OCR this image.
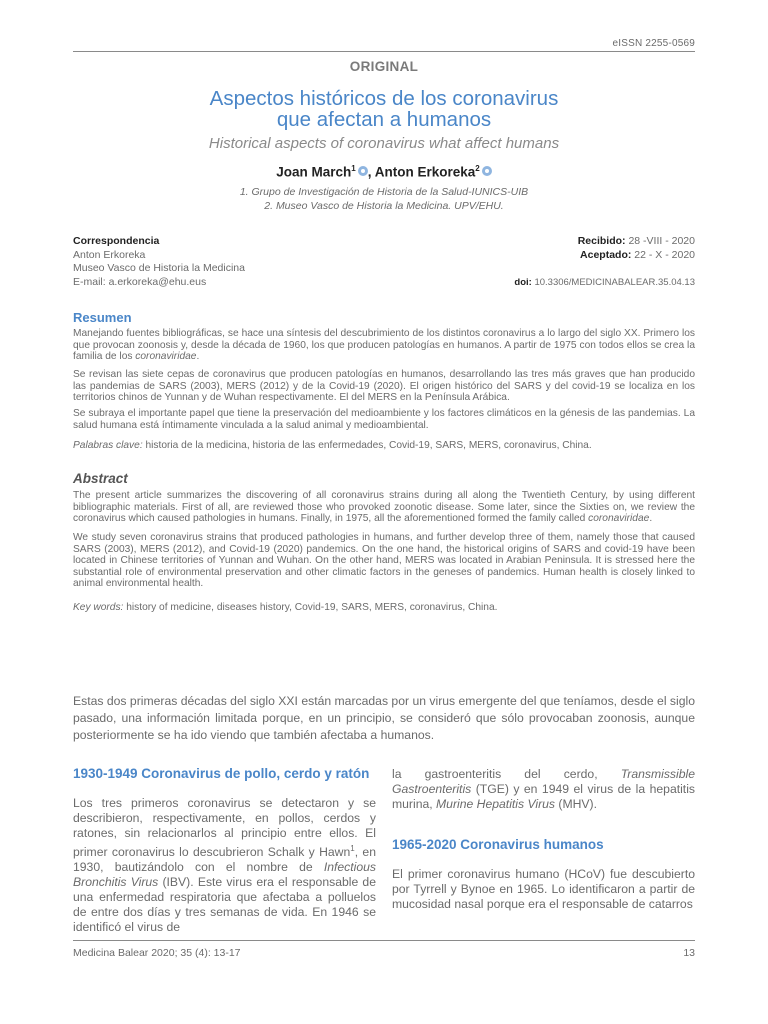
eISSN 2255-0569
ORIGINAL
Aspectos históricos de los coronavirus
que afectan a humanos
Historical aspects of coronavirus what affect humans
Joan March$^1$ , Anton Erkoreka$^2$
1. Grupo de Investigación de Historia de la Salud-IUNICS-UIB
2. Museo Vasco de Historia la Medicina. UPV/EHU.
Correspondencia
Anton Erkoreka
Museo Vasco de Historia la Medicina
E-mail: a.erkoreka@ehu.eus
Recibido: 28 -VIII - 2020
Aceptado: 22 - X - 2020
doi: 10.3306/MEDICINABALEAR.35.04.13
Resumen
Manejando fuentes bibliográficas, se hace una síntesis del descubrimiento de los distintos coronavirus a lo largo del siglo XX. Primero los que provocan zoonosis y, desde la década de 1960, los que producen patologías en humanos. A partir de 1975 con todos ellos se crea la familia de los coronaviridae.
Se revisan las siete cepas de coronavirus que producen patologías en humanos, desarrollando las tres más graves que han producido las pandemias de SARS (2003), MERS (2012) y de la Covid-19 (2020). El origen histórico del SARS y del covid-19 se localiza en los territorios chinos de Yunnan y de Wuhan respectivamente. El del MERS en la Península Arábica.
Se subraya el importante papel que tiene la preservación del medioambiente y los factores climáticos en la génesis de las pandemias. La salud humana está íntimamente vinculada a la salud animal y medioambiental.
Palabras clave: historia de la medicina, historia de las enfermedades, Covid-19, SARS, MERS, coronavirus, China.
Abstract
The present article summarizes the discovering of all coronavirus strains during all along the Twentieth Century, by using different bibliographic materials. First of all, are reviewed those who provoked zoonotic disease. Some later, since the Sixties on, we review the coronavirus which caused pathologies in humans. Finally, in 1975, all the aforementioned formed the family called coronaviridae.
We study seven coronavirus strains that produced pathologies in humans, and further develop three of them, namely those that caused SARS (2003), MERS (2012), and Covid-19 (2020) pandemics. On the one hand, the historical origins of SARS and covid-19 have been located in Chinese territories of Yunnan and Wuhan. On the other hand, MERS was located in Arabian Peninsula. It is stressed here the substantial role of environmental preservation and other climatic factors in the geneses of pandemics. Human health is closely linked to animal environmental health.
Key words: history of medicine, diseases history, Covid-19, SARS, MERS, coronavirus, China.
Estas dos primeras décadas del siglo XXI están marcadas por un virus emergente del que teníamos, desde el siglo pasado, una información limitada porque, en un principio, se consideró que sólo provocaban zoonosis, aunque posteriormente se ha ido viendo que también afectaba a humanos.
1930-1949 Coronavirus de pollo, cerdo y ratón
Los tres primeros coronavirus se detectaron y se describieron, respectivamente, en pollos, cerdos y ratones, sin relacionarlos al principio entre ellos. El primer coronavirus lo descubrieron Schalk y Hawn$^1$, en 1930, bautizándolo con el nombre de Infectious Bronchitis Virus (IBV). Este virus era el responsable de una enfermedad respiratoria que afectaba a polluelos de entre dos días y tres semanas de vida. En 1946 se identificó el virus de
la gastroenteritis del cerdo, Transmissible Gastroenteritis (TGE) y en 1949 el virus de la hepatitis murina, Murine Hepatitis Virus (MHV).
1965-2020 Coronavirus humanos
El primer coronavirus humano (HCoV) fue descubierto por Tyrrell y Bynoe en 1965. Lo identificaron a partir de mucosidad nasal porque era el responsable de catarros
Medicina Balear 2020; 35 (4): 13-17	13
